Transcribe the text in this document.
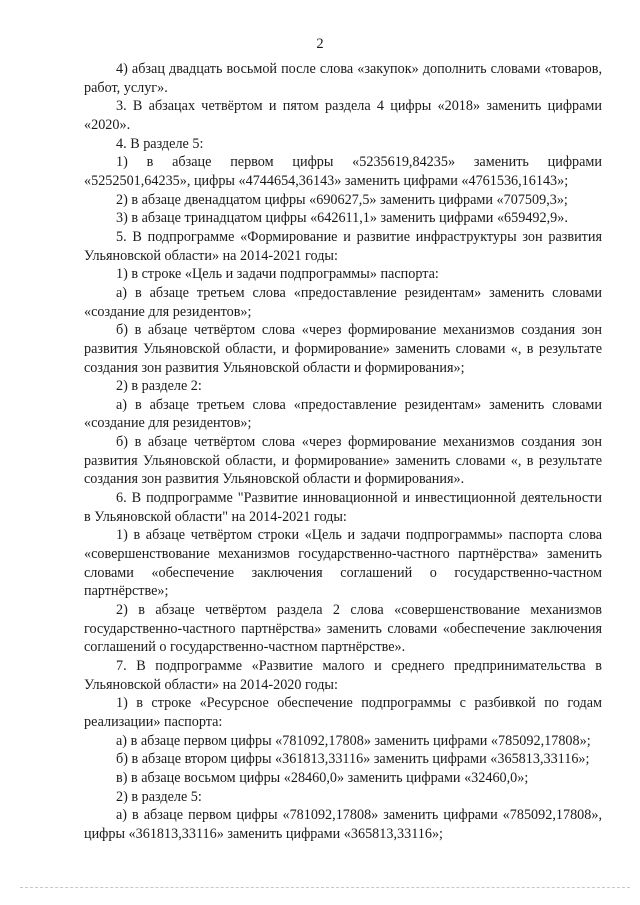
2

4) абзац двадцать восьмой после слова «закупок» дополнить словами «товаров, работ, услуг».

3. В абзацах четвёртом и пятом раздела 4 цифры «2018» заменить цифрами «2020».

4. В разделе 5:

1) в абзаце первом цифры «5235619,84235» заменить цифрами «5252501,64235», цифры «4744654,36143» заменить цифрами «4761536,16143»;

2) в абзаце двенадцатом цифры «690627,5» заменить цифрами «707509,3»;

3) в абзаце тринадцатом цифры «642611,1» заменить цифрами «659492,9».

5. В подпрограмме «Формирование и развитие инфраструктуры зон развития Ульяновской области» на 2014-2021 годы:

1) в строке «Цель и задачи подпрограммы» паспорта:

а) в абзаце третьем слова «предоставление резидентам» заменить словами «создание для резидентов»;

б) в абзаце четвёртом слова «через формирование механизмов создания зон развития Ульяновской области, и формирование» заменить словами «, в результате создания зон развития Ульяновской области и формирования»;

2) в разделе 2:

а) в абзаце третьем слова «предоставление резидентам» заменить словами «создание для резидентов»;

б) в абзаце четвёртом слова «через формирование механизмов создания зон развития Ульяновской области, и формирование» заменить словами «, в результате создания зон развития Ульяновской области и формирования».

6. В подпрограмме "Развитие инновационной и инвестиционной деятельности в Ульяновской области" на 2014-2021 годы:

1) в абзаце четвёртом строки «Цель и задачи подпрограммы» паспорта слова «совершенствование механизмов государственно-частного партнёрства» заменить словами «обеспечение заключения соглашений о государственно-частном партнёрстве»;

2) в абзаце четвёртом раздела 2 слова «совершенствование механизмов государственно-частного партнёрства» заменить словами «обеспечение заключения соглашений о государственно-частном партнёрстве».

7. В подпрограмме «Развитие малого и среднего предпринимательства в Ульяновской области» на 2014-2020 годы:

1) в строке «Ресурсное обеспечение подпрограммы с разбивкой по годам реализации» паспорта:

а) в абзаце первом цифры «781092,17808» заменить цифрами «785092,17808»;

б) в абзаце втором цифры «361813,33116» заменить цифрами «365813,33116»;

в) в абзаце восьмом цифры «28460,0» заменить цифрами «32460,0»;

2) в разделе 5:

а) в абзаце первом цифры «781092,17808» заменить цифрами «785092,17808», цифры «361813,33116» заменить цифрами «365813,33116»;
